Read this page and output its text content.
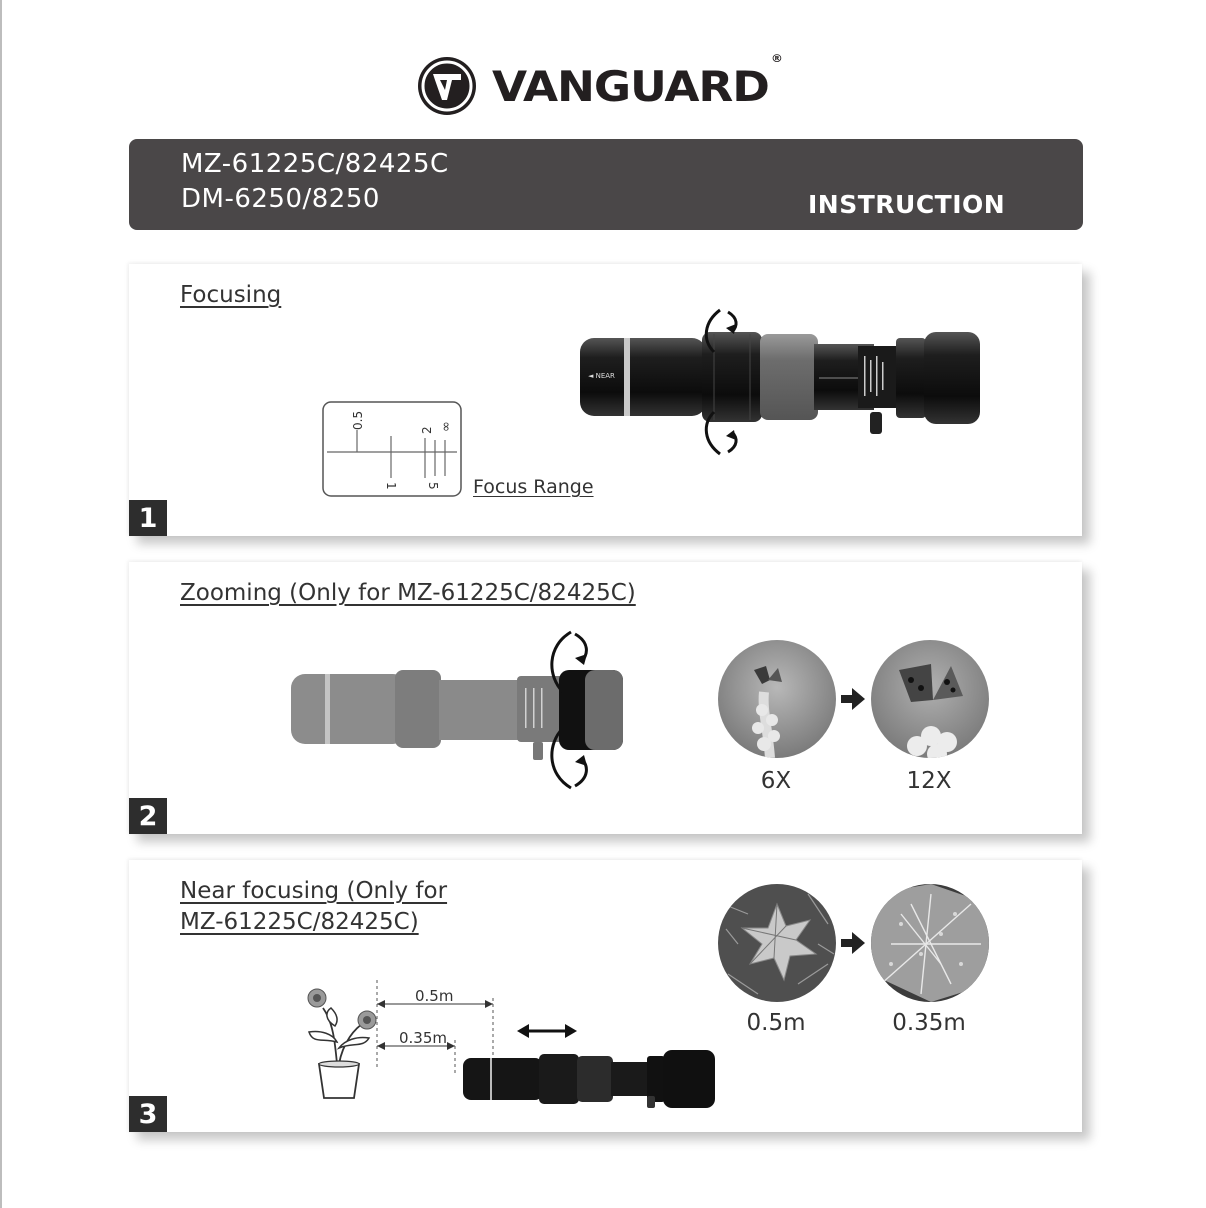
VANGUARD®
MZ-61225C/82425C
DM-6250/8250	INSTRUCTION
Focusing
0.5
2 ∞
1 5 Focus Range
◄ NEAR
1
Zooming (Only for MZ-61225C/82425C)
6X	12X
2
Near focusing (Only for
MZ-61225C/82425C)
0.5m
0.35m
0.5m	0.35m
3
